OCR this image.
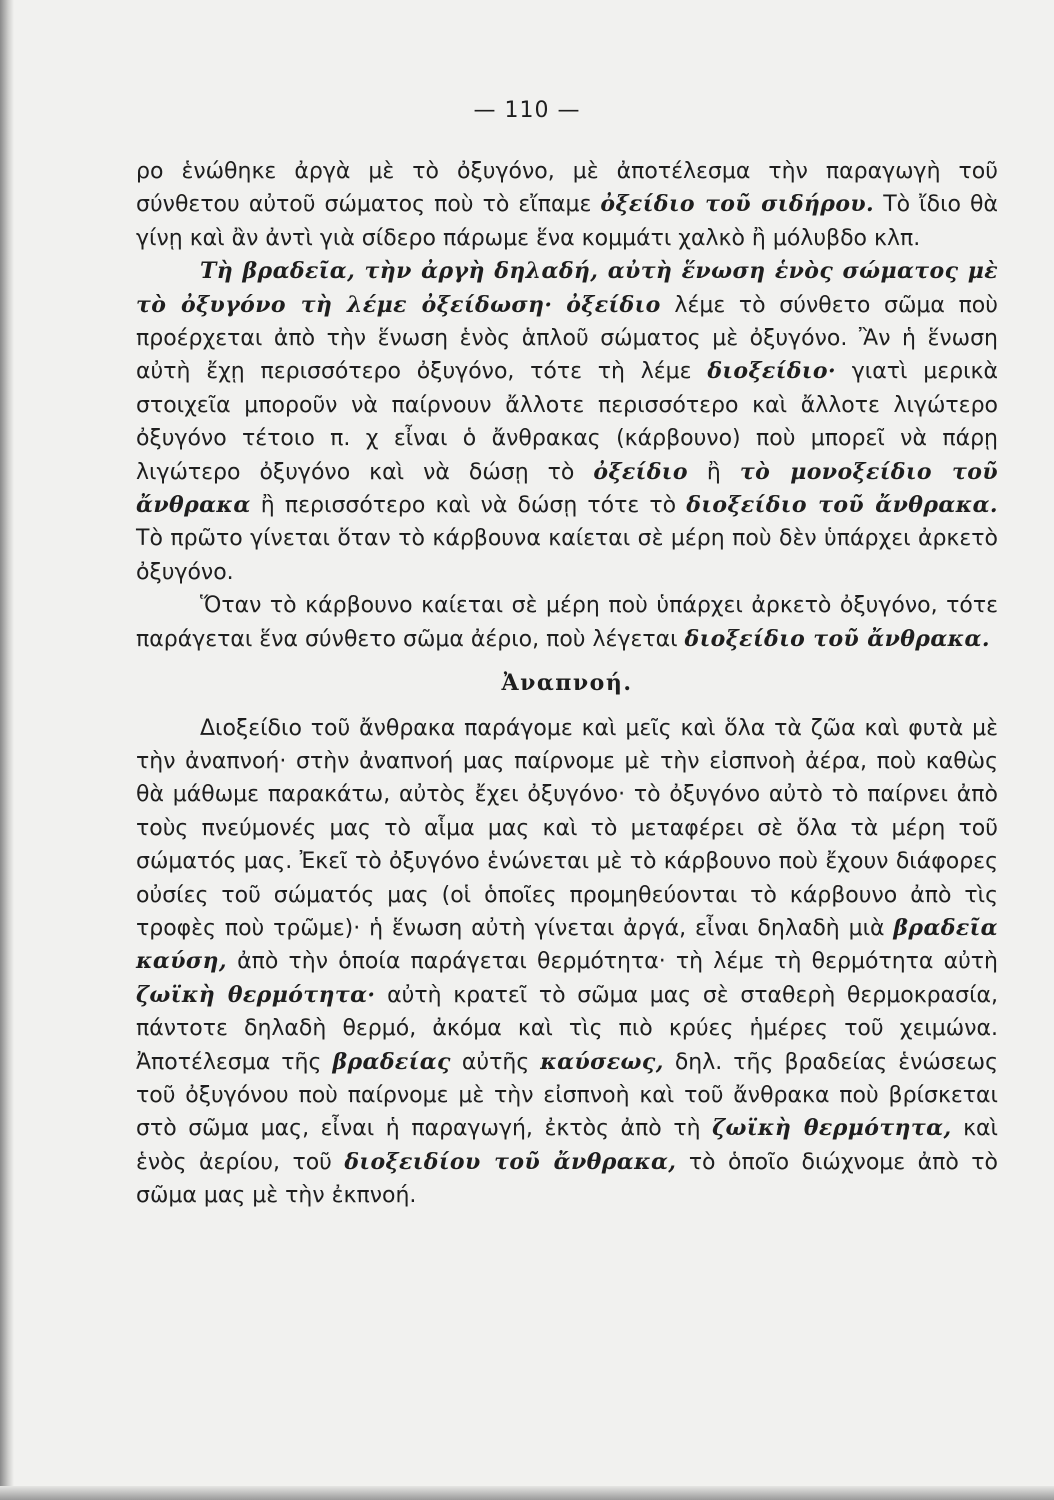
— 110 —

ρο ἑνώθηκε ἀργὰ μὲ τὸ ὀξυγόνο, μὲ ἀποτέλεσμα τὴν παραγωγὴ τοῦ σύνθετου αὐτοῦ σώματος ποὺ τὸ εἴπαμε ὀξείδιο τοῦ σιδήρου. Τὸ ἴδιο θὰ γίνῃ καὶ ἂν ἀντὶ γιὰ σίδερο πάρωμε ἕνα κομμάτι χαλκὸ ἢ μόλυβδο κλπ.

Τὴ βραδεῖα, τὴν ἀργὴ δηλαδή, αὐτὴ ἕνωση ἑνὸς σώματος μὲ τὸ ὀξυγόνο τὴ λέμε ὀξείδωση· ὀξείδιο λέμε τὸ σύνθετο σῶμα ποὺ προέρχεται ἀπὸ τὴν ἕνωση ἑνὸς ἁπλοῦ σώματος μὲ ὀξυγόνο. Ἂν ἡ ἕνωση αὐτὴ ἔχῃ περισσότερο ὀξυγόνο, τότε τὴ λέμε διοξείδιο· γιατὶ μερικὰ στοιχεῖα μποροῦν νὰ παίρνουν ἄλλοτε περισσότερο καὶ ἄλλοτε λιγώτερο ὀξυγόνο τέτοιο π. χ εἶναι ὁ ἄνθρακας (κάρβουνο) ποὺ μπορεῖ νὰ πάρῃ λιγώτερο ὀξυγόνο καὶ νὰ δώσῃ τὸ ὀξείδιο ἢ τὸ μονοξείδιο τοῦ ἄνθρακα ἢ περισσότερο καὶ νὰ δώσῃ τότε τὸ διοξείδιο τοῦ ἄνθρακα. Τὸ πρῶτο γίνεται ὅταν τὸ κάρβουνα καίεται σὲ μέρη ποὺ δὲν ὑπάρχει ἀρκετὸ ὀξυγόνο.

Ὅταν τὸ κάρβουνο καίεται σὲ μέρη ποὺ ὑπάρχει ἀρκετὸ ὀξυγόνο, τότε παράγεται ἕνα σύνθετο σῶμα ἀέριο, ποὺ λέγεται διοξείδιο τοῦ ἄνθρακα.

Ἀναπνοή.

Διοξείδιο τοῦ ἄνθρακα παράγομε καὶ μεῖς καὶ ὅλα τὰ ζῶα καὶ φυτὰ μὲ τὴν ἀναπνοή· στὴν ἀναπνοή μας παίρνομε μὲ τὴν εἰσπνοὴ ἀέρα, ποὺ καθὼς θὰ μάθωμε παρακάτω, αὐτὸς ἔχει ὀξυγόνο· τὸ ὀξυγόνο αὐτὸ τὸ παίρνει ἀπὸ τοὺς πνεύμονές μας τὸ αἷμα μας καὶ τὸ μεταφέρει σὲ ὅλα τὰ μέρη τοῦ σώματός μας. Ἐκεῖ τὸ ὀξυγόνο ἑνώνεται μὲ τὸ κάρβουνο ποὺ ἔχουν διάφορες οὐσίες τοῦ σώματός μας (οἱ ὁποῖες προμηθεύονται τὸ κάρβουνο ἀπὸ τὶς τροφὲς ποὺ τρῶμε)· ἡ ἕνωση αὐτὴ γίνεται ἀργά, εἶναι δηλαδὴ μιὰ βραδεῖα καύση, ἀπὸ τὴν ὁποία παράγεται θερμότητα· τὴ λέμε τὴ θερμότητα αὐτὴ ζωϊκὴ θερμότητα· αὐτὴ κρατεῖ τὸ σῶμα μας σὲ σταθερὴ θερμοκρασία, πάντοτε δηλαδὴ θερμό, ἀκόμα καὶ τὶς πιὸ κρύες ἡμέρες τοῦ χειμώνα. Ἀποτέλεσμα τῆς βραδείας αὐτῆς καύσεως, δηλ. τῆς βραδείας ἑνώσεως τοῦ ὀξυγόνου ποὺ παίρνομε μὲ τὴν εἰσπνοὴ καὶ τοῦ ἄνθρακα ποὺ βρίσκεται στὸ σῶμα μας, εἶναι ἡ παραγωγή, ἐκτὸς ἀπὸ τὴ ζωϊκὴ θερμότητα, καὶ ἑνὸς ἀερίου, τοῦ διοξειδίου τοῦ ἄνθρακα, τὸ ὁποῖο διώχνομε ἀπὸ τὸ σῶμα μας μὲ τὴν ἐκπνοή.
